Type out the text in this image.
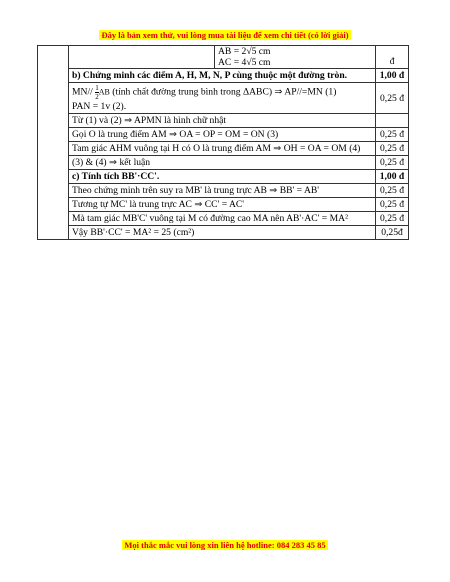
Đây là bản xem thử, vui lòng mua tài liệu để xem chi tiết (có lời giải)

	AB = 2√5 cm
AC = 4√5 cm	đ
	b) Chứng minh các điểm A, H, M, N, P cùng thuộc một đường tròn.	1,00 đ
	$MN// \frac{1}{2}AB$ (tính chất đường trung bình trong ΔABC) ⇒ AP//=MN (1)
PAN = 1v (2).	0,25 đ
	Từ (1) và (2) ⇒ APMN là hình chữ nhật	
	Gọi O là trung điểm AM ⇒ OA = OP = OM = ON (3)	0,25 đ
	Tam giác AHM vuông tại H có O là trung điểm AM ⇒ OH = OA = OM (4)	0,25 đ
	(3) & (4) ⇒ kết luận	0,25 đ
	c) Tính tích BB'·CC'.	1,00 đ
	Theo chứng minh trên suy ra MB' là trung trực AB ⇒ BB' = AB'	0,25 đ
	Tương tự MC' là trung trực AC ⇒ CC' = AC'	0,25 đ
	Mà tam giác MB'C' vuông tại M có đường cao MA nên AB'·AC' = MA²	0,25 đ
	Vậy BB'·CC' = MA² = 25 (cm²)	0,25đ
Mọi thắc mắc vui lòng xin liên hệ hotline: 084 283 45 85
